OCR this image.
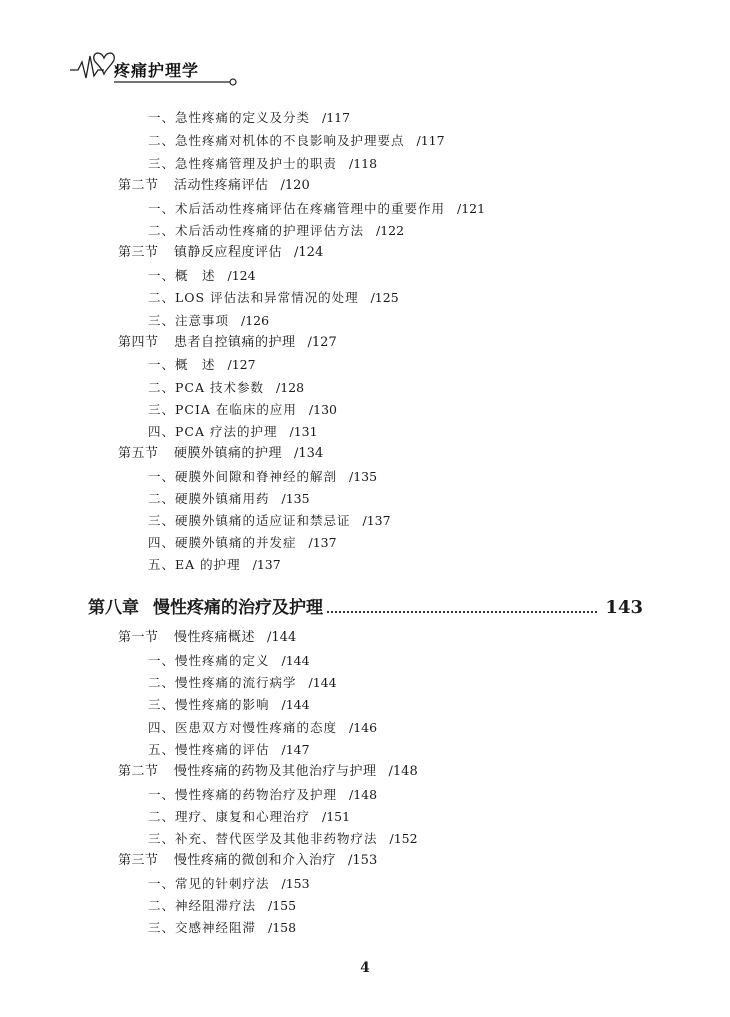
疼痛护理学
一、急性疼痛的定义及分类 /117
二、急性疼痛对机体的不良影响及护理要点 /117
三、急性疼痛管理及护士的职责 /118
第二节 活动性疼痛评估 /120
一、术后活动性疼痛评估在疼痛管理中的重要作用 /121
二、术后活动性疼痛的护理评估方法 /122
第三节 镇静反应程度评估 /124
一、概　述 /124
二、LOS 评估法和异常情况的处理 /125
三、注意事项 /126
第四节 患者自控镇痛的护理 /127
一、概　述 /127
二、PCA 技术参数 /128
三、PCIA 在临床的应用 /130
四、PCA 疗法的护理 /131
第五节 硬膜外镇痛的护理 /134
一、硬膜外间隙和脊神经的解剖 /135
二、硬膜外镇痛用药 /135
三、硬膜外镇痛的适应证和禁忌证 /137
四、硬膜外镇痛的并发症 /137
五、EA 的护理 /137
第八章 慢性疼痛的治疗及护理	143
第一节 慢性疼痛概述 /144
一、慢性疼痛的定义 /144
二、慢性疼痛的流行病学 /144
三、慢性疼痛的影响 /144
四、医患双方对慢性疼痛的态度 /146
五、慢性疼痛的评估 /147
第二节 慢性疼痛的药物及其他治疗与护理 /148
一、慢性疼痛的药物治疗及护理 /148
二、理疗、康复和心理治疗 /151
三、补充、替代医学及其他非药物疗法 /152
第三节 慢性疼痛的微创和介入治疗 /153
一、常见的针刺疗法 /153
二、神经阻滞疗法 /155
三、交感神经阻滞 /158
4
